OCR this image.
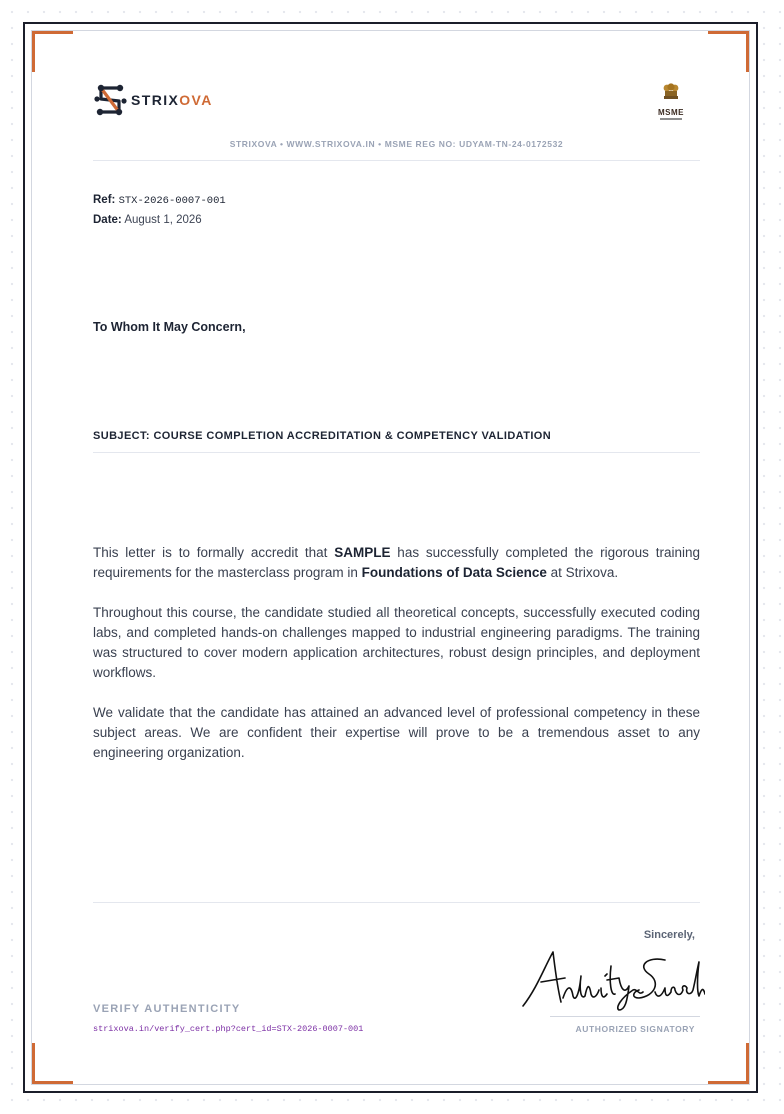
STRIXOVA
MSME
STRIXOVA • WWW.STRIXOVA.IN • MSME REG NO: UDYAM-TN-24-0172532
Ref: STX-2026-0007-001
Date: August 1, 2026
To Whom It May Concern,
SUBJECT: COURSE COMPLETION ACCREDITATION & COMPETENCY VALIDATION

This letter is to formally accredit that SAMPLE has successfully completed the rigorous training requirements for the masterclass program in Foundations of Data Science at Strixova.

Throughout this course, the candidate studied all theoretical concepts, successfully executed coding labs, and completed hands-on challenges mapped to industrial engineering paradigms. The training was structured to cover modern application architectures, robust design principles, and deployment workflows.

We validate that the candidate has attained an advanced level of professional competency in these subject areas. We are confident their expertise will prove to be a tremendous asset to any engineering organization.

VERIFY AUTHENTICITY
strixova.in/verify_cert.php?cert_id=STX-2026-0007-001
Sincerely,
AUTHORIZED SIGNATORY
